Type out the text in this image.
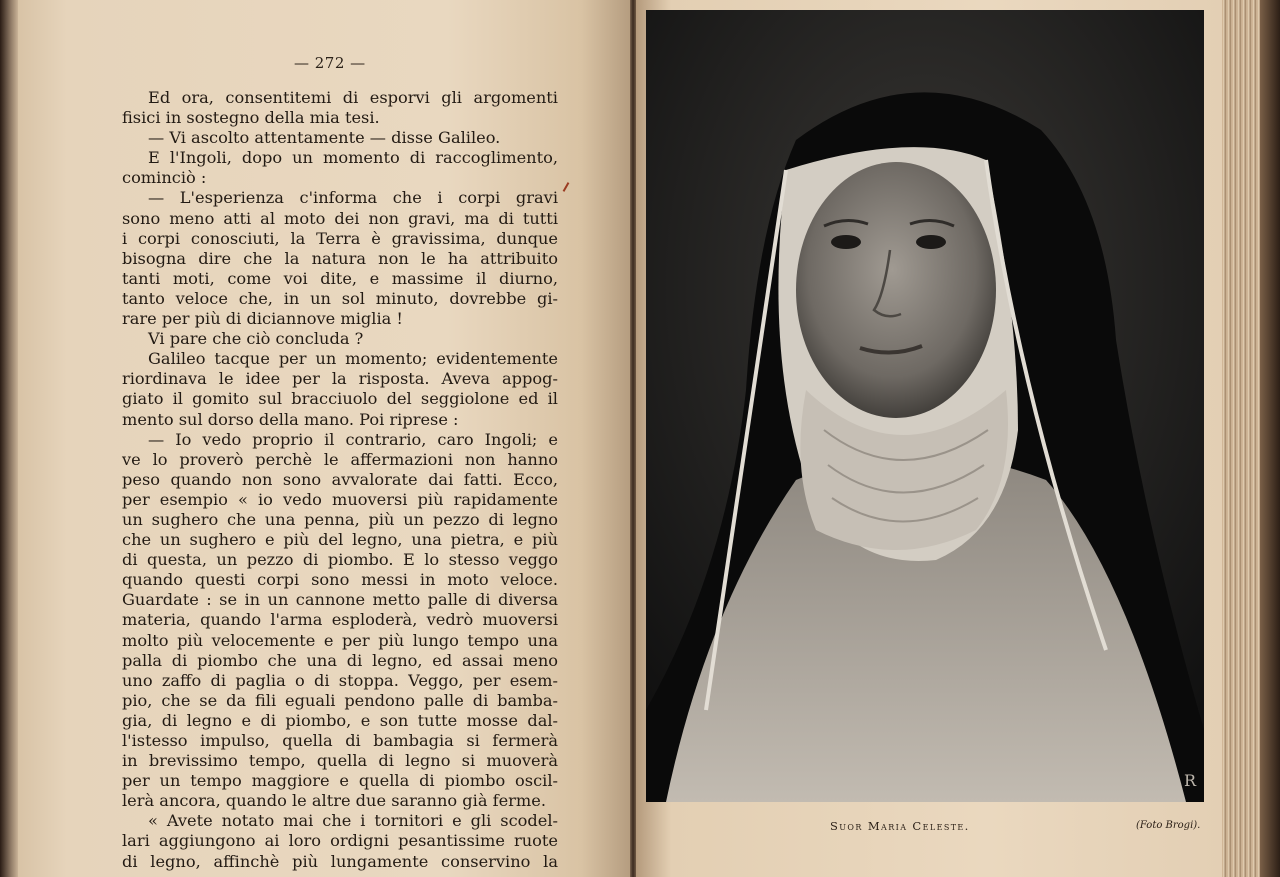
— 272 —
Ed ora, consentitemi di esporvi gli argomenti
fisici in sostegno della mia tesi.
— Vi ascolto attentamente — disse Galileo.
E l'Ingoli, dopo un momento di raccoglimento,
cominciò :
— L'esperienza c'informa che i corpi gravi
sono meno atti al moto dei non gravi, ma di tutti
i corpi conosciuti, la Terra è gravissima, dunque
bisogna dire che la natura non le ha attribuito
tanti moti, come voi dite, e massime il diurno,
tanto veloce che, in un sol minuto, dovrebbe gi-
rare per più di diciannove miglia !
Vi pare che ciò concluda ?
Galileo tacque per un momento; evidentemente
riordinava le idee per la risposta. Aveva appog-
giato il gomito sul bracciuolo del seggiolone ed il
mento sul dorso della mano. Poi riprese :
— Io vedo proprio il contrario, caro Ingoli; e
ve lo proverò perchè le affermazioni non hanno
peso quando non sono avvalorate dai fatti. Ecco,
per esempio « io vedo muoversi più rapidamente
un sughero che una penna, più un pezzo di legno
che un sughero e più del legno, una pietra, e più
di questa, un pezzo di piombo. E lo stesso veggo
quando questi corpi sono messi in moto veloce.
Guardate : se in un cannone metto palle di diversa
materia, quando l'arma esploderà, vedrò muoversi
molto più velocemente e per più lungo tempo una
palla di piombo che una di legno, ed assai meno
uno zaffo di paglia o di stoppa. Veggo, per esem-
pio, che se da fili eguali pendono palle di bamba-
gia, di legno e di piombo, e son tutte mosse dal-
l'istesso impulso, quella di bambagia si fermerà
in brevissimo tempo, quella di legno si muoverà
per un tempo maggiore e quella di piombo oscil-
lerà ancora, quando le altre due saranno già ferme.
« Avete notato mai che i tornitori e gli scodel-
lari aggiungono ai loro ordigni pesantissime ruote
di legno, affinchè più lungamente conservino la
R
Suor Maria Celeste.	(Foto Brogi).
